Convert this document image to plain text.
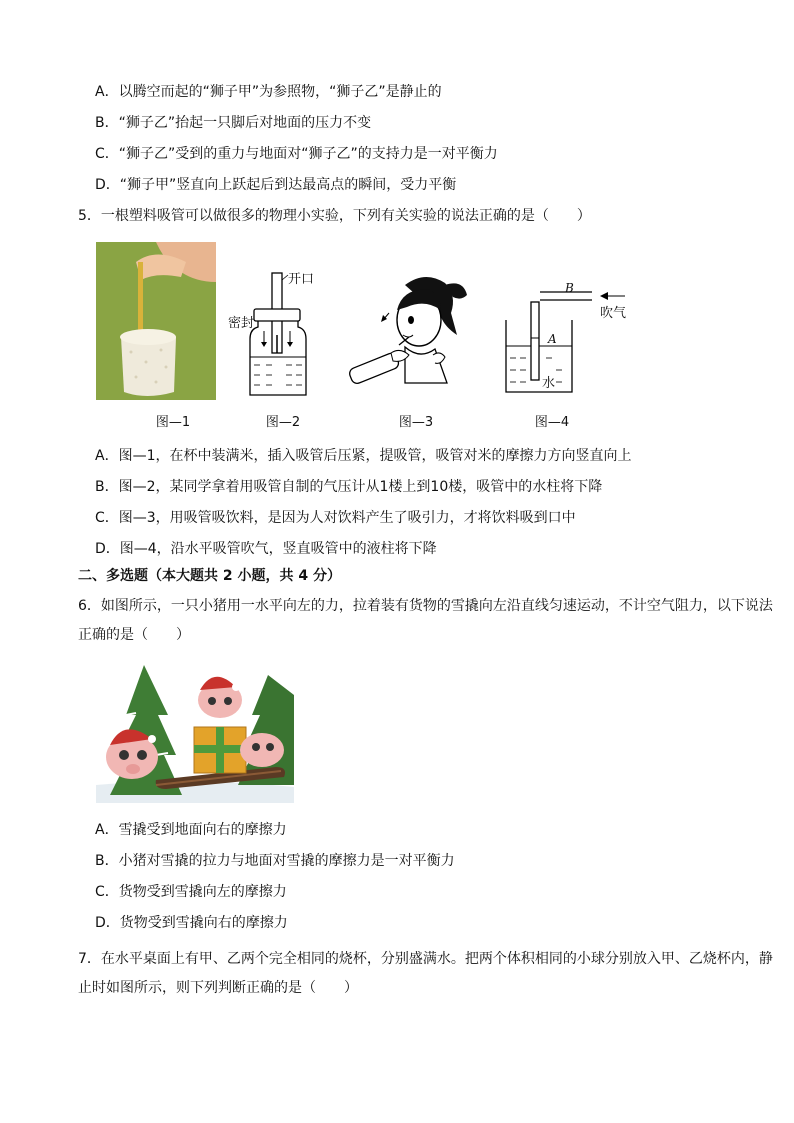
A．以腾空而起的“狮子甲”为参照物，“狮子乙”是静止的
B．“狮子乙”抬起一只脚后对地面的压力不变
C．“狮子乙”受到的重力与地面对“狮子乙”的支持力是一对平衡力
D．“狮子甲”竖直向上跃起后到达最高点的瞬间，受力平衡
5．一根塑料吸管可以做很多的物理小实验，下列有关实验的说法正确的是（　　）
开口
密封
B
A
吹气
水
图—1	图—2	图—3	图—4
A．图—1，在杯中装满米，插入吸管后压紧，提吸管，吸管对米的摩擦力方向竖直向上
B．图—2，某同学拿着用吸管自制的气压计从1楼上到10楼，吸管中的水柱将下降
C．图—3，用吸管吸饮料，是因为人对饮料产生了吸引力，才将饮料吸到口中
D．图—4，沿水平吸管吹气，竖直吸管中的液柱将下降
二、多选题（本大题共 2 小题，共 4 分）
6．如图所示，一只小猪用一水平向左的力，拉着装有货物的雪撬向左沿直线匀速运动，不计空气阻力，以下说法正确的是（　　）
A．雪撬受到地面向右的摩擦力
B．小猪对雪撬的拉力与地面对雪撬的摩擦力是一对平衡力
C．货物受到雪撬向左的摩擦力
D．货物受到雪撬向右的摩擦力
7．在水平桌面上有甲、乙两个完全相同的烧杯，分别盛满水。把两个体积相同的小球分别放入甲、乙烧杯内，静止时如图所示，则下列判断正确的是（　　）
